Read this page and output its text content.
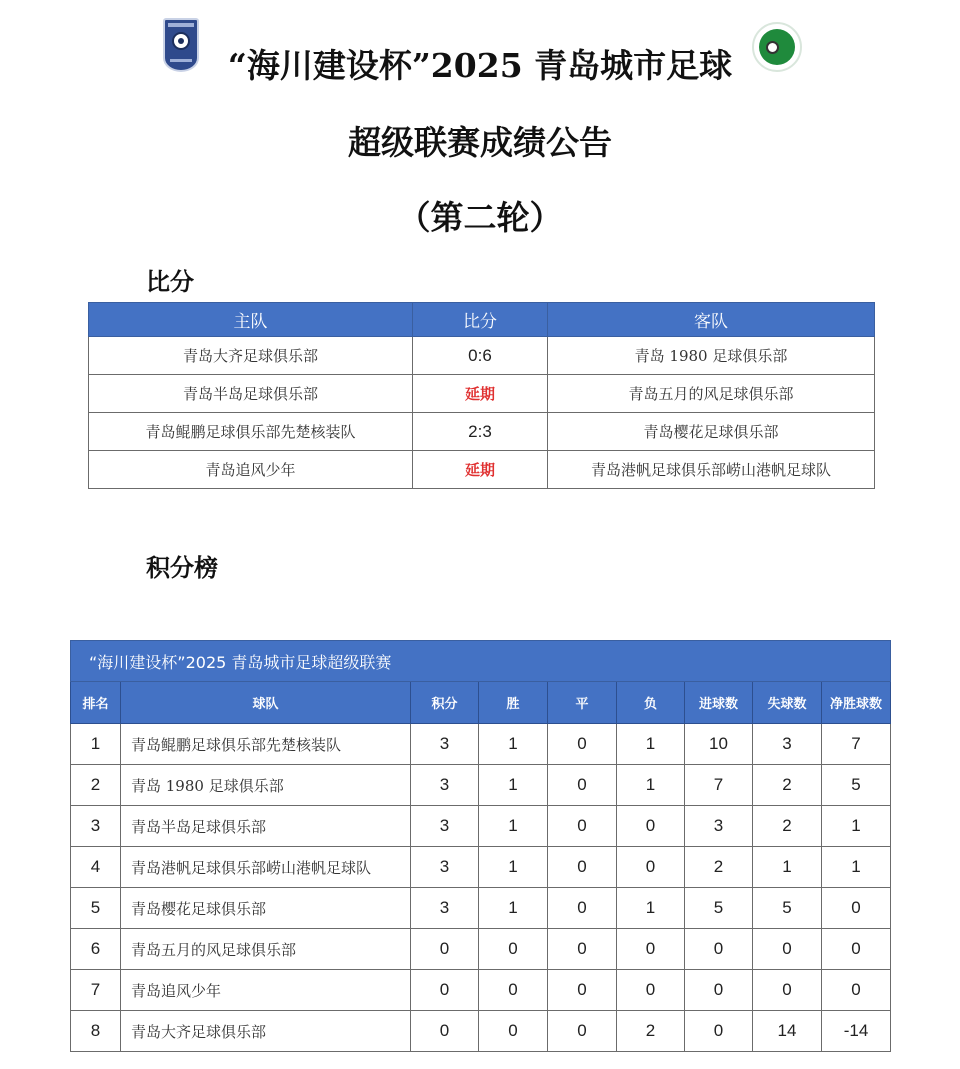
“海川建设杯”2025 青岛城市足球
超级联赛成绩公告
（第二轮）
比分
主队	比分	客队
青岛大齐足球俱乐部	0:6	青岛 1980 足球俱乐部
青岛半岛足球俱乐部	延期	青岛五月的风足球俱乐部
青岛鲲鹏足球俱乐部先楚核装队	2:3	青岛樱花足球俱乐部
青岛追风少年	延期	青岛港帆足球俱乐部崂山港帆足球队
积分榜
“海川建设杯”2025 青岛城市足球超级联赛								
排名	球队	积分	胜	平	负	进球数	失球数	净胜球数
1	青岛鲲鹏足球俱乐部先楚核装队	3	1	0	1	10	3	7
2	青岛 1980 足球俱乐部	3	1	0	1	7	2	5
3	青岛半岛足球俱乐部	3	1	0	0	3	2	1
4	青岛港帆足球俱乐部崂山港帆足球队	3	1	0	0	2	1	1
5	青岛樱花足球俱乐部	3	1	0	1	5	5	0
6	青岛五月的风足球俱乐部	0	0	0	0	0	0	0
7	青岛追风少年	0	0	0	0	0	0	0
8	青岛大齐足球俱乐部	0	0	0	2	0	14	-14
